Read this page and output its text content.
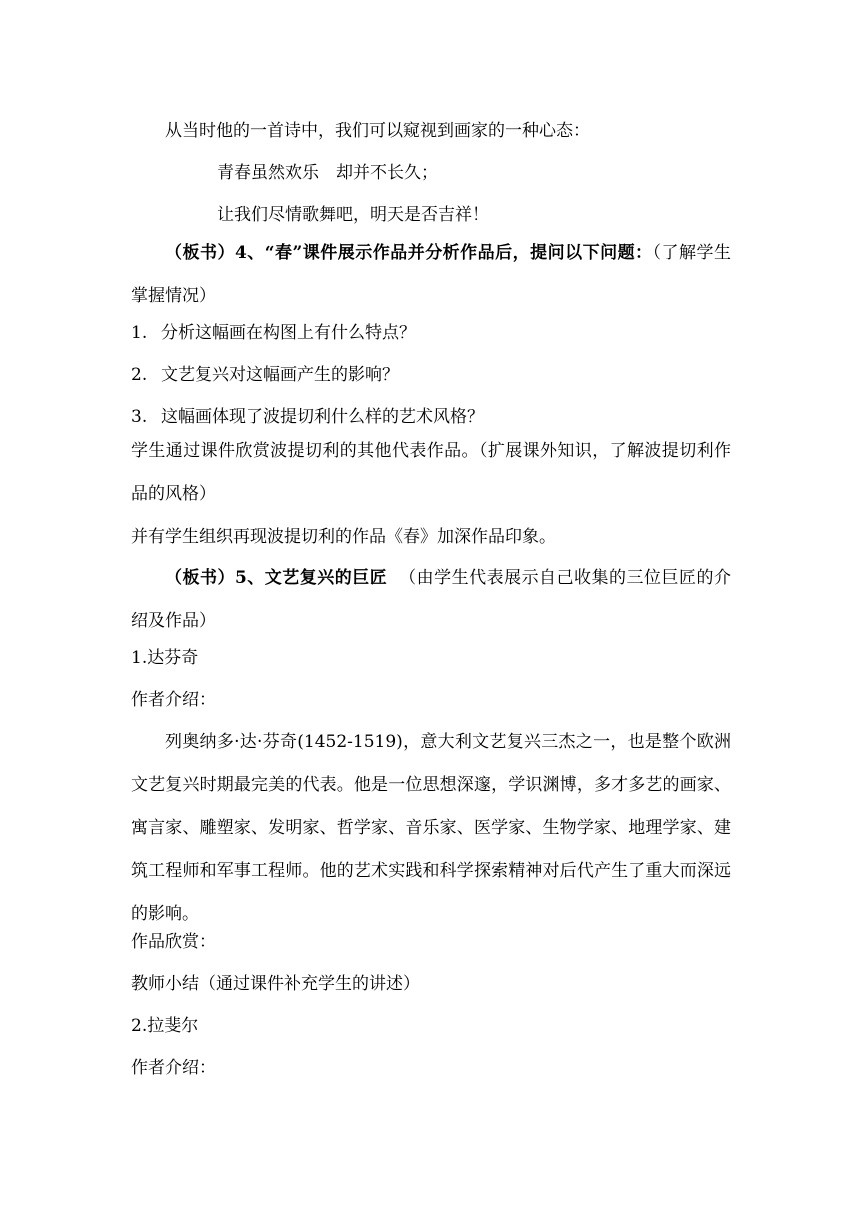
从当时他的一首诗中，我们可以窥视到画家的一种心态：
青春虽然欢乐　却并不长久；
让我们尽情歌舞吧，明天是否吉祥！
（板书）4、“春”课件展示作品并分析作品后，提问以下问题：（了解学生掌握情况）
1. 分析这幅画在构图上有什么特点？
2. 文艺复兴对这幅画产生的影响？
3. 这幅画体现了波提切利什么样的艺术风格？
学生通过课件欣赏波提切利的其他代表作品。（扩展课外知识，了解波提切利作品的风格）
并有学生组织再现波提切利的作品《春》加深作品印象。
（板书）5、文艺复兴的巨匠 （由学生代表展示自己收集的三位巨匠的介绍及作品）
1.达芬奇
作者介绍：
列奥纳多·达·芬奇(1452-1519)，意大利文艺复兴三杰之一，也是整个欧洲文艺复兴时期最完美的代表。他是一位思想深邃，学识渊博，多才多艺的画家、寓言家、雕塑家、发明家、哲学家、音乐家、医学家、生物学家、地理学家、建筑工程师和军事工程师。他的艺术实践和科学探索精神对后代产生了重大而深远的影响。
作品欣赏：
教师小结（通过课件补充学生的讲述）
2.拉斐尔
作者介绍：
